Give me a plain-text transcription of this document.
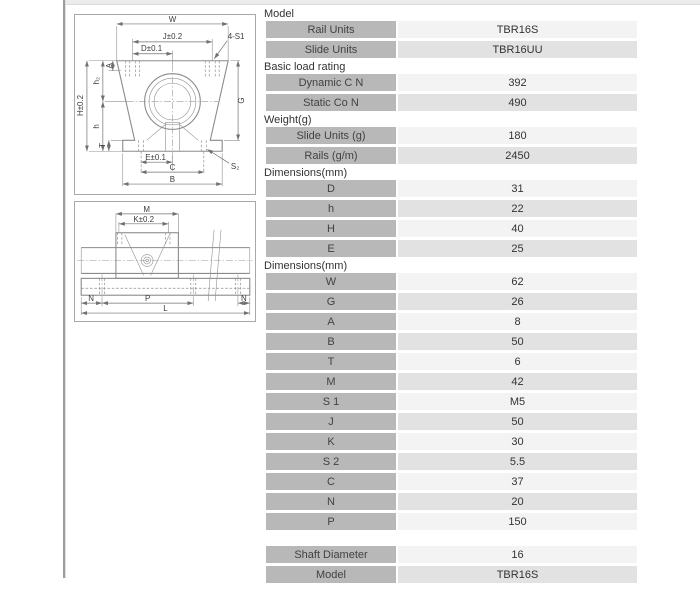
W
J±0.2
D±0.1
4-S1
A
h₂
H±0.2
h
T
G
E±0.1
C
B
S₂
M
K±0.2
N	P	N
L
Model
Rail Units	TBR16S
Slide Units	TBR16UU
Basic load rating
Dynamic C N	392
Static Co N	490
Weight(g)
Slide Units (g)	180
Rails (g/m)	2450
Dimensions(mm)
D	31
h	22
H	40
E	25
Dimensions(mm)
W	62
G	26
A	8
B	50
T	6
M	42
S 1	M5
J	50
K	30
S 2	5.5
C	37
N	20
P	150
Shaft Diameter	16
Model	TBR16S
